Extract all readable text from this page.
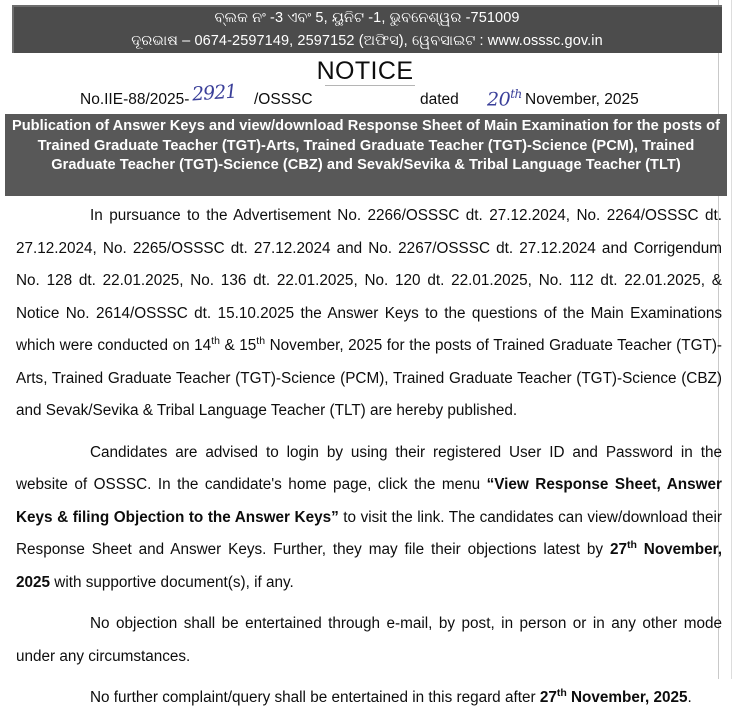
ବ୍ଲକ ନଂ -3 ଏବଂ 5, ୟୁନିଟ -1, ଭୁବନେଶ୍ୱର -751009
ଦୂରଭାଷ – 0674-2597149, 2597152 (ଅଫିସ), ୱେବସାଇଟ : www.osssc.gov.in
NOTICE
No.IIE-88/2025- 2921 /OSSSC	dated 20th November, 2025
Publication of Answer Keys and view/download Response Sheet of Main Examination for the posts of Trained Graduate Teacher (TGT)-Arts, Trained Graduate Teacher (TGT)-Science (PCM), Trained Graduate Teacher (TGT)-Science (CBZ) and Sevak/Sevika & Tribal Language Teacher (TLT)

In pursuance to the Advertisement No. 2266/OSSSC dt. 27.12.2024, No. 2264/OSSSC dt. 27.12.2024, No. 2265/OSSSC dt. 27.12.2024 and No. 2267/OSSSC dt. 27.12.2024 and Corrigendum No. 128 dt. 22.01.2025, No. 136 dt. 22.01.2025, No. 120 dt. 22.01.2025, No. 112 dt. 22.01.2025, & Notice No. 2614/OSSSC dt. 15.10.2025 the Answer Keys to the questions of the Main Examinations which were conducted on 14th & 15th November, 2025 for the posts of Trained Graduate Teacher (TGT)-Arts, Trained Graduate Teacher (TGT)-Science (PCM), Trained Graduate Teacher (TGT)-Science (CBZ) and Sevak/Sevika & Tribal Language Teacher (TLT) are hereby published.

Candidates are advised to login by using their registered User ID and Password in the website of OSSSC. In the candidate's home page, click the menu “View Response Sheet, Answer Keys & filing Objection to the Answer Keys” to visit the link. The candidates can view/download their Response Sheet and Answer Keys. Further, they may file their objections latest by 27th November, 2025 with supportive document(s), if any.

No objection shall be entertained through e-mail, by post, in person or in any other mode under any circumstances.

No further complaint/query shall be entertained in this regard after 27th November, 2025.
